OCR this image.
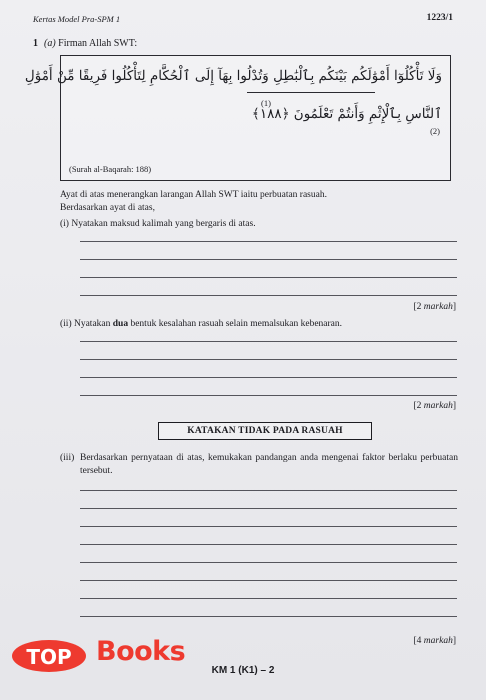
Kertas Model Pra-SPM 1	1223/1
1 (a) Firman Allah SWT:
وَلَا تَأْكُلُوٓا أَمْوَٰلَكُم بَيْنَكُم بِٱلْبَٰطِلِ وَتُدْلُوا بِهَآ إِلَى ٱلْحُكَّامِ لِتَأْكُلُوا فَرِيقًا مِّنْ أَمْوَٰلِ
(1)
ٱلنَّاسِ بِٱلْإِثْمِ وَأَنتُمْ تَعْلَمُونَ ﴿١٨٨﴾
(2)
(Surah al-Baqarah: 188)
Ayat di atas menerangkan larangan Allah SWT iaitu perbuatan rasuah.
Berdasarkan ayat di atas,
(i) Nyatakan maksud kalimah yang bergaris di atas.
[2 markah]
(ii) Nyatakan dua bentuk kesalahan rasuah selain memalsukan kebenaran.
[2 markah]
KATAKAN TIDAK PADA RASUAH
(iii) Berdasarkan pernyataan di atas, kemukakan pandangan anda mengenai faktor berlaku perbuatan tersebut.
[4 markah]
KM 1 (K1) – 2
TOP Books
